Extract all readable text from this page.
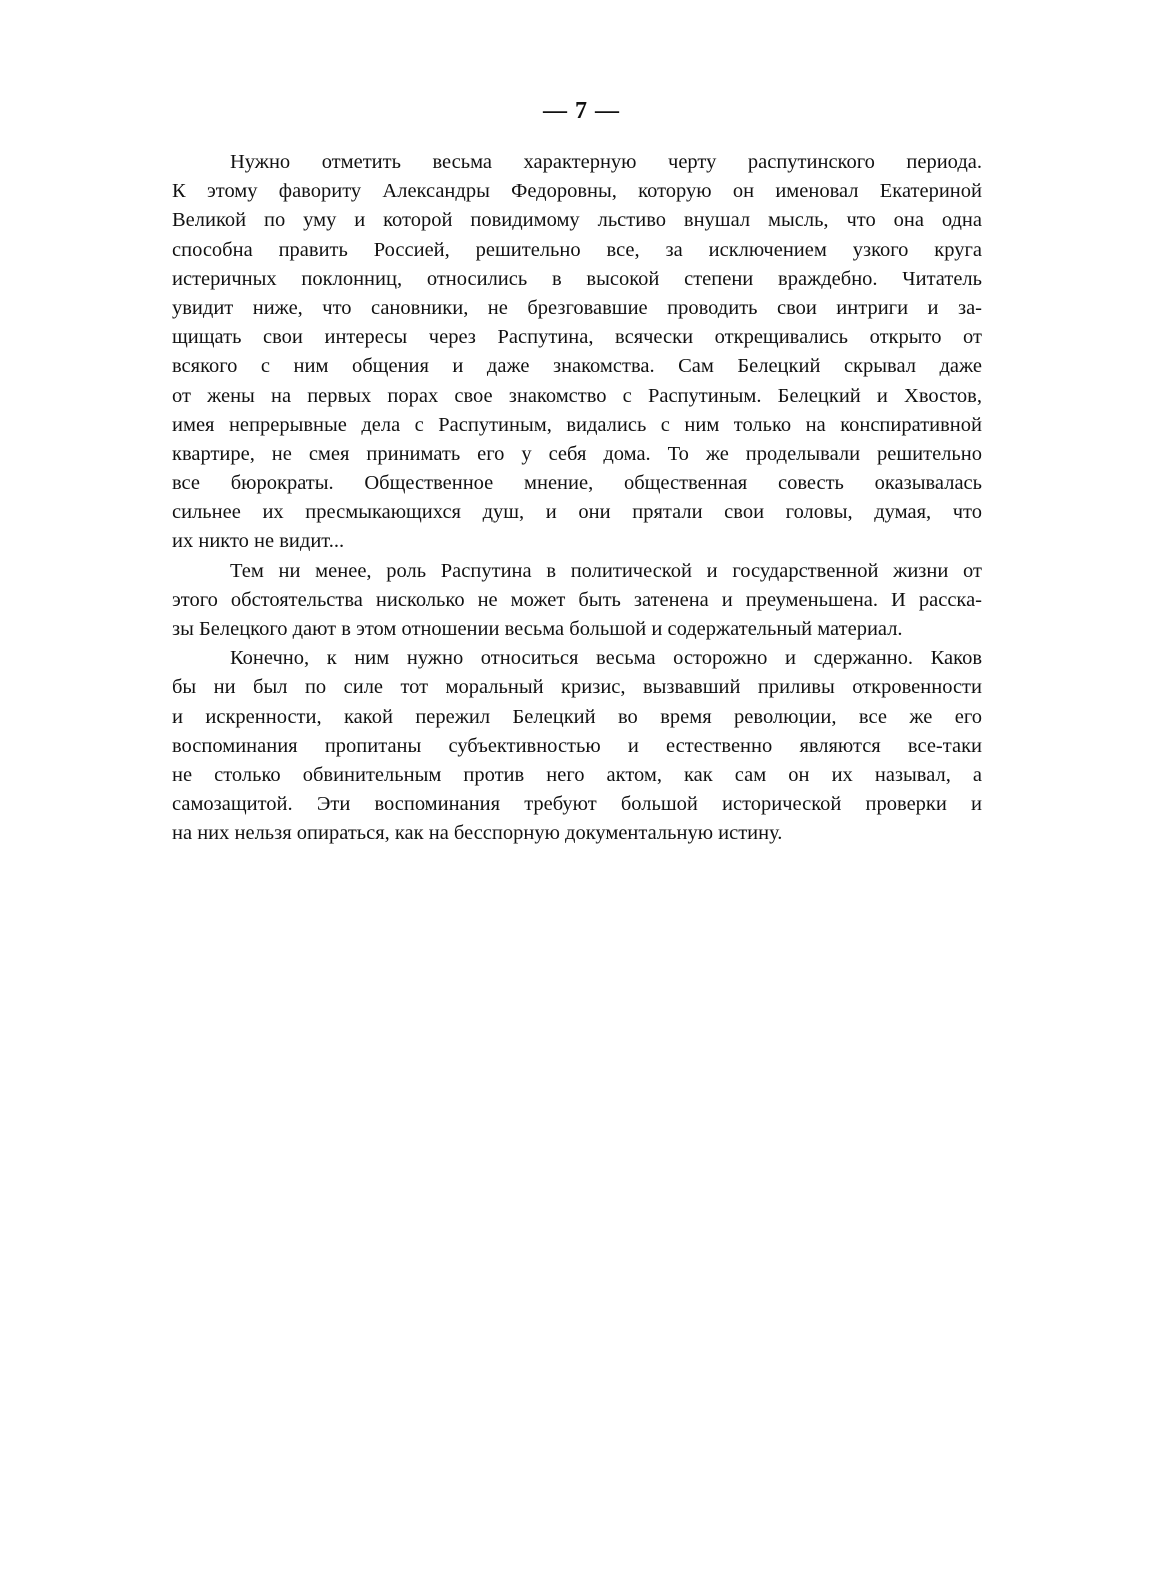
— 7 —

Нужно отметить весьма характерную черту распутинского периода.
К этому фавориту Александры Федоровны, которую он именовал Екатериной
Великой по уму и которой повидимому льстиво внушал мысль, что она одна
способна править Россией, решительно все, за исключением узкого круга
истеричных поклонниц, относились в высокой степени враждебно. Читатель
увидит ниже, что сановники, не брезговавшие проводить свои интриги и за-
щищать свои интересы через Распутина, всячески открещивались открыто от
всякого с ним общения и даже знакомства. Сам Белецкий скрывал даже
от жены на первых порах свое знакомство с Распутиным. Белецкий и Хвостов,
имея непрерывные дела с Распутиным, видались с ним только на конспиративной
квартире, не смея принимать его у себя дома. То же проделывали решительно
все бюрократы. Общественное мнение, общественная совесть оказывалась
сильнее их пресмыкающихся душ, и они прятали свои головы, думая, что
их никто не видит...

Тем ни менее, роль Распутина в политической и государственной жизни от
этого обстоятельства нисколько не может быть затенена и преуменьшена. И расска-
зы Белецкого дают в этом отношении весьма большой и содержательный материал.

Конечно, к ним нужно относиться весьма осторожно и сдержанно. Каков
бы ни был по силе тот моральный кризис, вызвавший приливы откровенности
и искренности, какой пережил Белецкий во время революции, все же его
воспоминания пропитаны субъективностью и естественно являются все-таки
не столько обвинительным против него актом, как сам он их называл, а
самозащитой. Эти воспоминания требуют большой исторической проверки и
на них нельзя опираться, как на бесспорную документальную истину.
